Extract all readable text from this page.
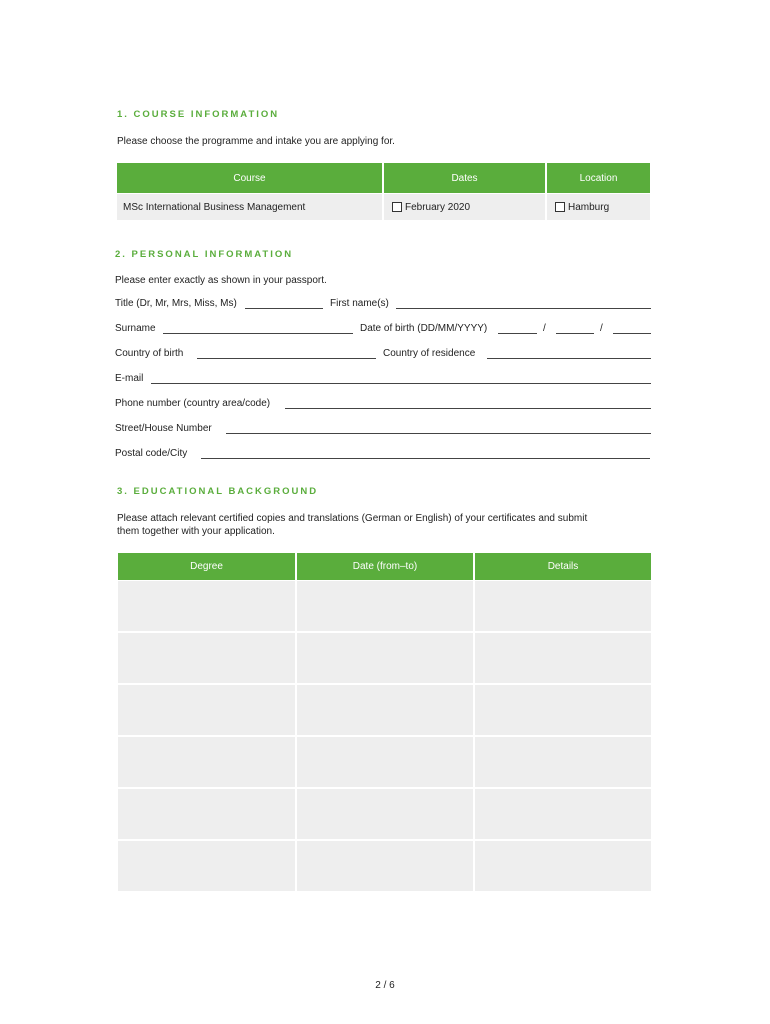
1. COURSE INFORMATION
Please choose the programme and intake you are applying for.
Course	Dates	Location
MSc International Business Management	February 2020	Hamburg
2. PERSONAL INFORMATION
Please enter exactly as shown in your passport.
Title (Dr, Mr, Mrs, Miss, Ms)	First name(s)
Surname	Date of birth (DD/MM/YYYY)	/	/
Country of birth	Country of residence
E-mail
Phone number (country area/code)
Street/House Number
Postal code/City
3. EDUCATIONAL BACKGROUND
Please attach relevant certified copies and translations (German or English) of your certificates and submit
them together with your application.
Degree	Date (from–to)	Details
2 / 6
